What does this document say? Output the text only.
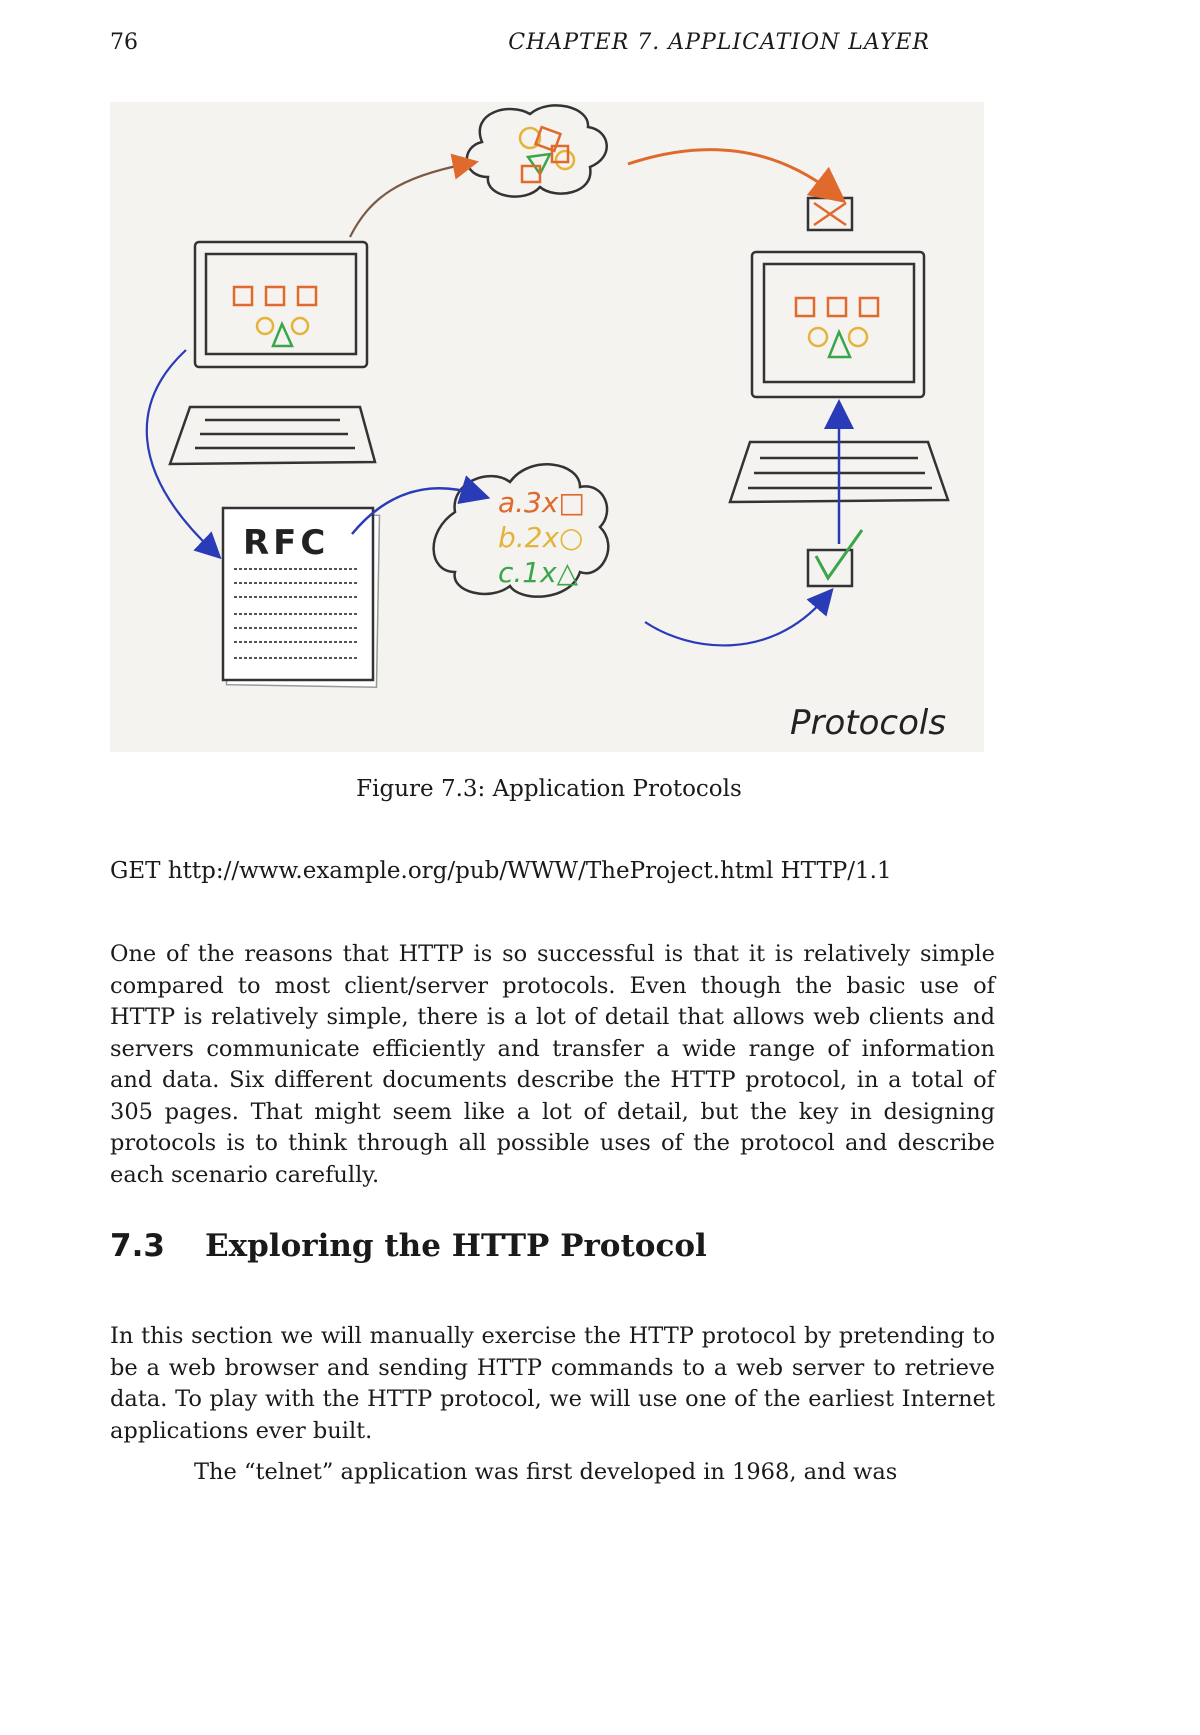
76	CHAPTER 7. APPLICATION LAYER
RFC
a.3x□
b.2x○
c.1x△
Protocols
Figure 7.3: Application Protocols
GET http://www.example.org/pub/WWW/TheProject.html HTTP/1.1

One of the reasons that HTTP is so successful is that it is relatively simple compared to most client/server protocols. Even though the basic use of HTTP is relatively simple, there is a lot of detail that allows web clients and servers communicate efficiently and transfer a wide range of information and data. Six different documents describe the HTTP protocol, in a total of 305 pages. That might seem like a lot of detail, but the key in designing protocols is to think through all possible uses of the protocol and describe each scenario carefully.

7.3 Exploring the HTTP Protocol

In this section we will manually exercise the HTTP protocol by pretending to be a web browser and sending HTTP commands to a web server to retrieve data. To play with the HTTP protocol, we will use one of the earliest Internet applications ever built.

The “telnet” application was first developed in 1968, and was
